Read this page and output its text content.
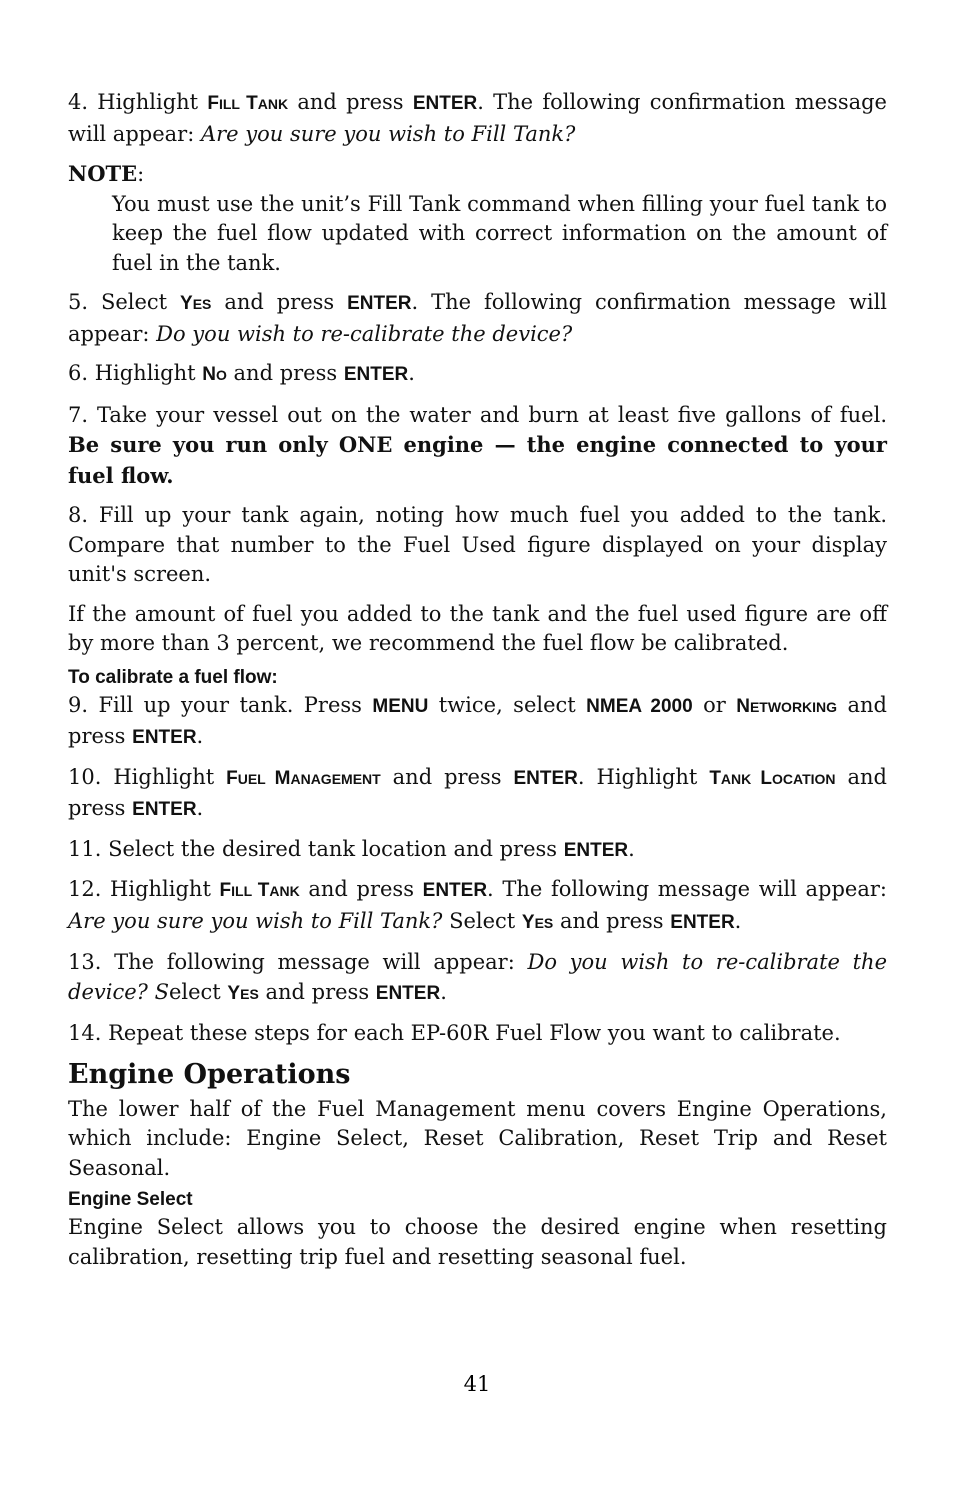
4. Highlight FILL TANK and press ENTER. The following confirmation message will appear: Are you sure you wish to Fill Tank?

NOTE:

You must use the unit’s Fill Tank command when filling your fuel tank to keep the fuel flow updated with correct information on the amount of fuel in the tank.

5. Select YES and press ENTER. The following confirmation message will appear: Do you wish to re-calibrate the device?

6. Highlight NO and press ENTER.

7. Take your vessel out on the water and burn at least five gallons of fuel. Be sure you run only ONE engine — the engine connected to your fuel flow.

8. Fill up your tank again, noting how much fuel you added to the tank. Compare that number to the Fuel Used figure displayed on your display unit's screen.

If the amount of fuel you added to the tank and the fuel used figure are off by more than 3 percent, we recommend the fuel flow be calibrated.

To calibrate a fuel flow:

9. Fill up your tank. Press MENU twice, select NMEA 2000 or NETWORKING and press ENTER.

10. Highlight FUEL MANAGEMENT and press ENTER. Highlight TANK LOCATION and press ENTER.

11. Select the desired tank location and press ENTER.

12. Highlight FILL TANK and press ENTER. The following message will appear: Are you sure you wish to Fill Tank? Select YES and press ENTER.

13. The following message will appear: Do you wish to re-calibrate the device? Select YES and press ENTER.

14. Repeat these steps for each EP-60R Fuel Flow you want to calibrate.

Engine Operations

The lower half of the Fuel Management menu covers Engine Operations, which include: Engine Select, Reset Calibration, Reset Trip and Reset Seasonal.

Engine Select

Engine Select allows you to choose the desired engine when resetting calibration, resetting trip fuel and resetting seasonal fuel.

41
